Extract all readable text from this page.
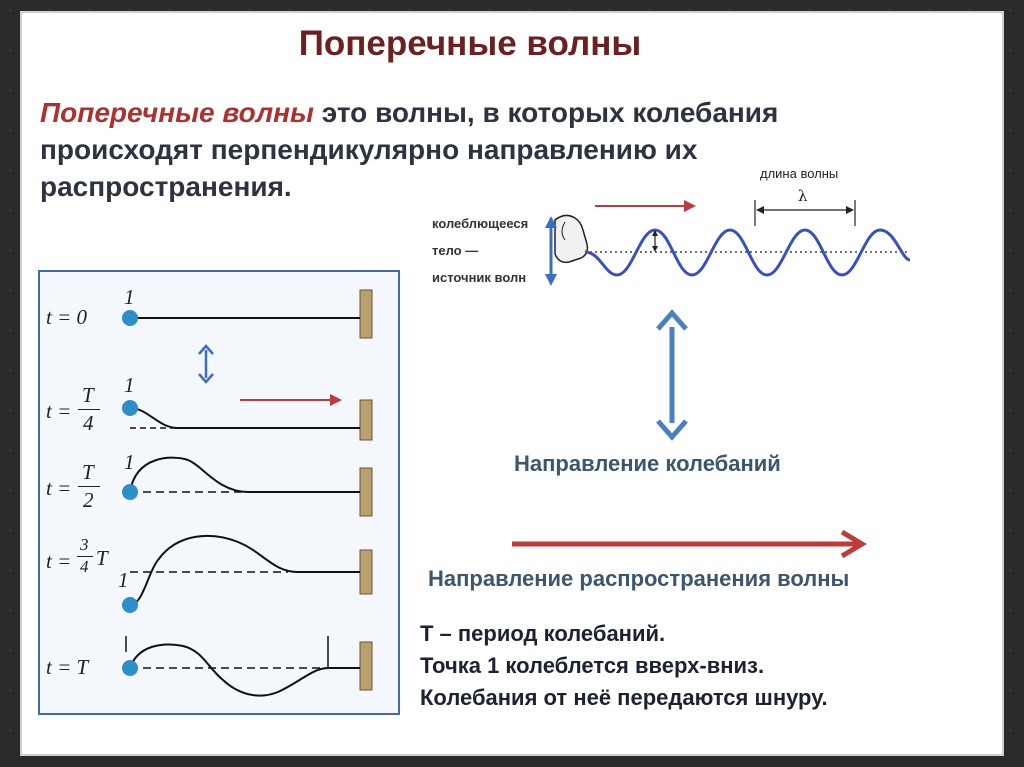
Поперечные волны
Поперечные волны это волны, в которых колебания
происходят перпендикулярно направлению их
распространения.
колеблющееся
тело —
источник волн
длина волны
λ
Направление колебаний
Направление распространения волны
Т – период колебаний.
Точка 1 колеблется вверх-вниз.
Колебания от неё передаются шнуру.
1
1
1
1
t = 0
t =
T
4
t =
T
2
t =
3
4 T
t = T
